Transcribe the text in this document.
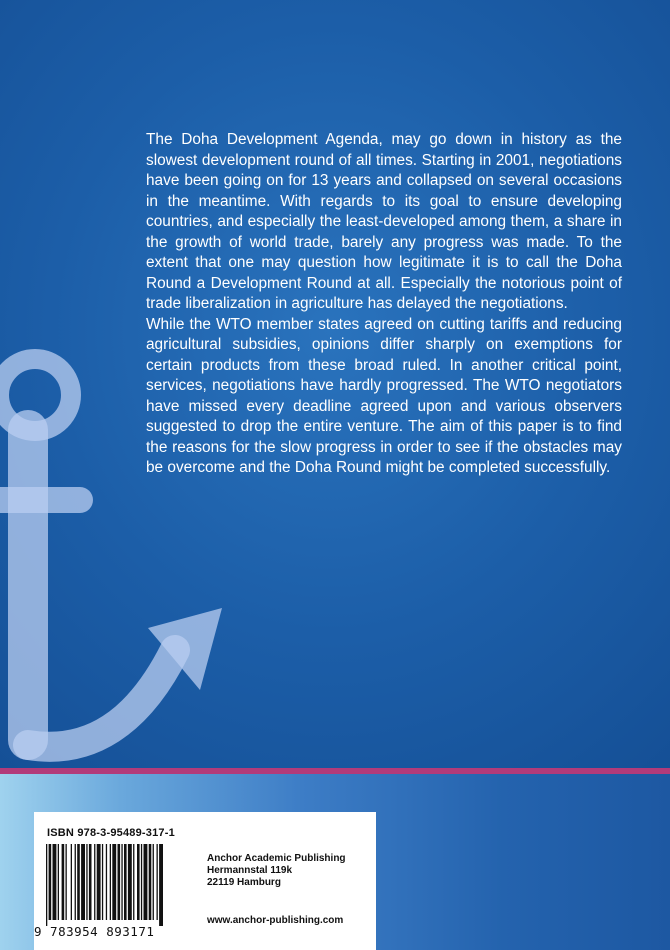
The Doha Development Agenda, may go down in history as the slowest development round of all times. Starting in 2001, negotiations have been going on for 13 years and collapsed on several occasions in the meantime. With regards to its goal to ensure developing countries, and especially the least-developed among them, a share in the growth of world trade, barely any progress was made. To the extent that one may question how legitimate it is to call the Doha Round a Development Round at all. Especially the notorious point of trade liberalization in agriculture has delayed the negotiations.

While the WTO member states agreed on cutting tariffs and reducing agricultural subsidies, opinions differ sharply on exemptions for certain products from these broad ruled. In another critical point, services, negotiations have hardly progressed. The WTO negotiators have missed every deadline agreed upon and various observers suggested to drop the entire venture. The aim of this paper is to find the reasons for the slow progress in order to see if the obstacles may be overcome and the Doha Round might be completed successfully.

ISBN 978-3-95489-317-1
9 783954 893171
Anchor Academic Publishing
Hermannstal 119k
22119 Hamburg
www.anchor-publishing.com
